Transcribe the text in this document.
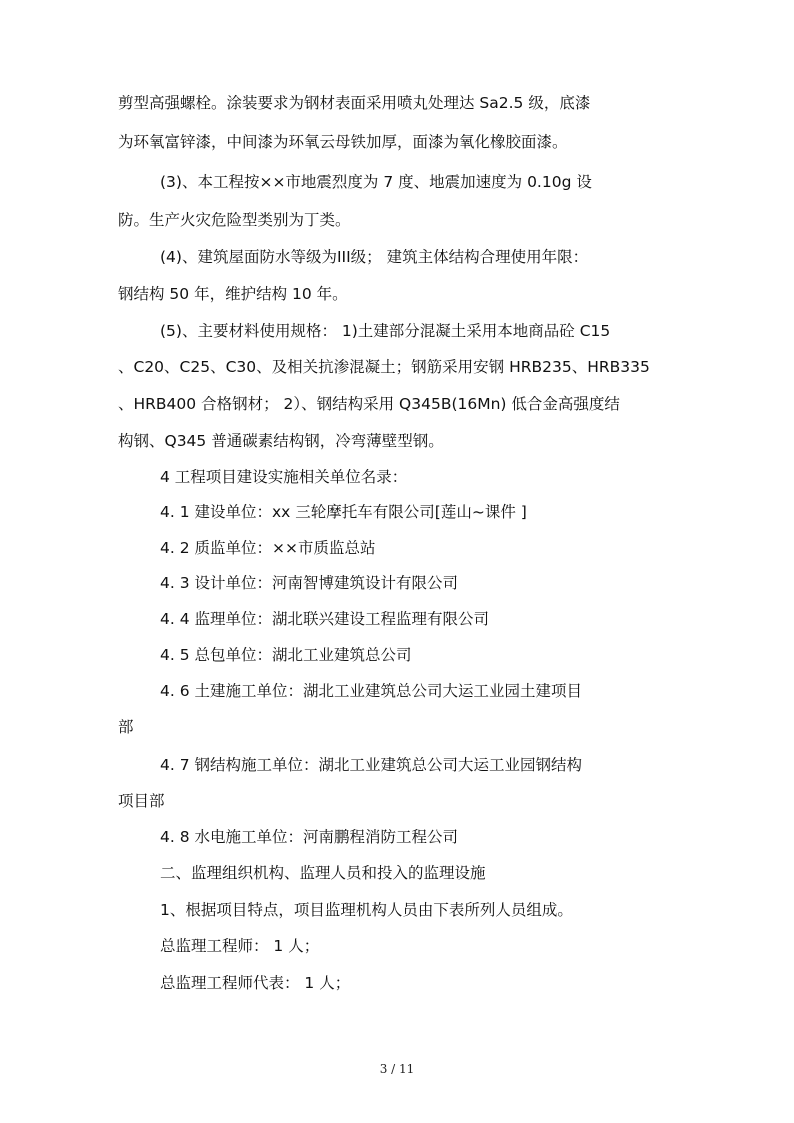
剪型高强螺栓。涂装要求为钢材表面采用喷丸处理达 Sa2.5 级，底漆
为环氧富锌漆，中间漆为环氧云母铁加厚，面漆为氧化橡胶面漆。
(3)、本工程按××市地震烈度为 7 度、地震加速度为 0.10g 设
防。生产火灾危险型类别为丁类。
(4)、建筑屋面防水等级为III级； 建筑主体结构合理使用年限：
钢结构 50 年，维护结构 10 年。
(5)、主要材料使用规格： 1)土建部分混凝土采用本地商品砼 C15
、C20、C25、C30、及相关抗渗混凝土；钢筋采用安钢 HRB235、HRB335
、HRB400 合格钢材； 2）、钢结构采用 Q345B(16Mn) 低合金高强度结
构钢、Q345 普通碳素结构钢，冷弯薄壁型钢。
4 工程项目建设实施相关单位名录：
4. 1 建设单位：xx 三轮摩托车有限公司[莲山~课件 ]
4. 2 质监单位：××市质监总站
4. 3 设计单位：河南智博建筑设计有限公司
4. 4 监理单位：湖北联兴建设工程监理有限公司
4. 5 总包单位：湖北工业建筑总公司
4. 6 土建施工单位：湖北工业建筑总公司大运工业园土建项目
部
4. 7 钢结构施工单位：湖北工业建筑总公司大运工业园钢结构
项目部
4. 8 水电施工单位：河南鹏程消防工程公司
二、监理组织机构、监理人员和投入的监理设施
1、根据项目特点，项目监理机构人员由下表所列人员组成。
总监理工程师： 1 人；
总监理工程师代表： 1 人；
3 / 11
